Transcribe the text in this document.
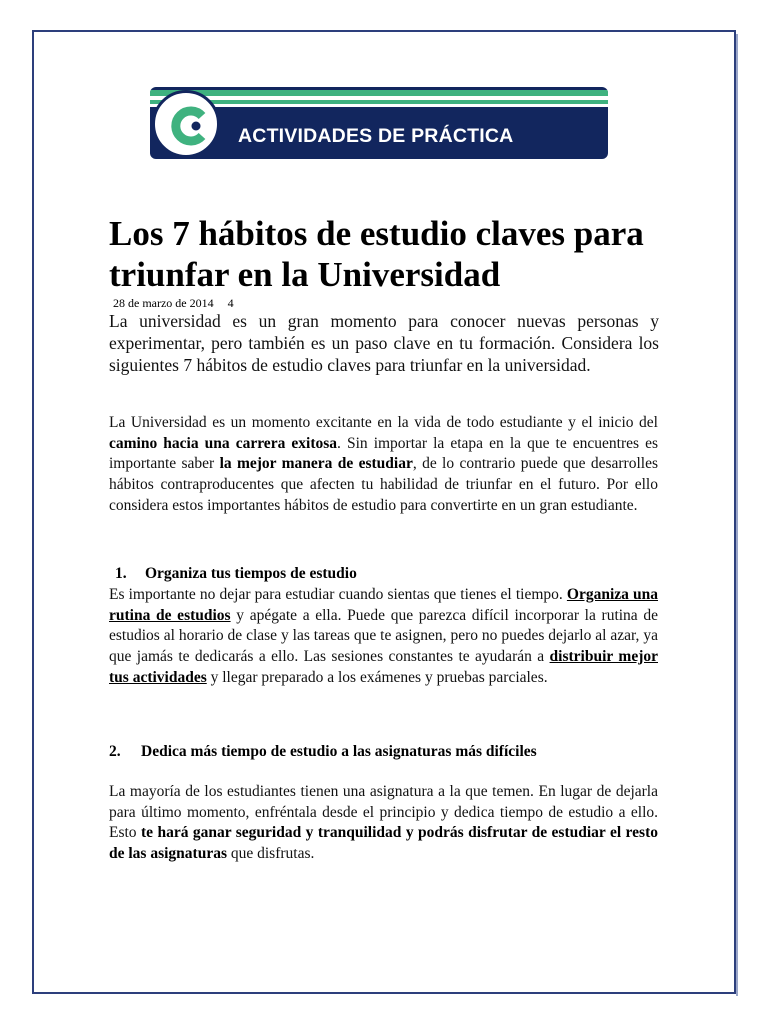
ACTIVIDADES DE PRÁCTICA
Los 7 hábitos de estudio claves para triunfar en la Universidad
28 de marzo de 2014 4

La universidad es un gran momento para conocer nuevas personas y experimentar, pero también es un paso clave en tu formación. Considera los siguientes 7 hábitos de estudio claves para triunfar en la universidad.

La Universidad es un momento excitante en la vida de todo estudiante y el inicio del camino hacia una carrera exitosa. Sin importar la etapa en la que te encuentres es importante saber la mejor manera de estudiar, de lo contrario puede que desarrolles hábitos contraproducentes que afecten tu habilidad de triunfar en el futuro. Por ello considera estos importantes hábitos de estudio para convertirte en un gran estudiante.

1. Organiza tus tiempos de estudio

Es importante no dejar para estudiar cuando sientas que tienes el tiempo. Organiza una rutina de estudios y apégate a ella. Puede que parezca difícil incorporar la rutina de estudios al horario de clase y las tareas que te asignen, pero no puedes dejarlo al azar, ya que jamás te dedicarás a ello. Las sesiones constantes te ayudarán a distribuir mejor tus actividades y llegar preparado a los exámenes y pruebas parciales.

2. Dedica más tiempo de estudio a las asignaturas más difíciles

La mayoría de los estudiantes tienen una asignatura a la que temen. En lugar de dejarla para último momento, enfréntala desde el principio y dedica tiempo de estudio a ello. Esto te hará ganar seguridad y tranquilidad y podrás disfrutar de estudiar el resto de las asignaturas que disfrutas.
